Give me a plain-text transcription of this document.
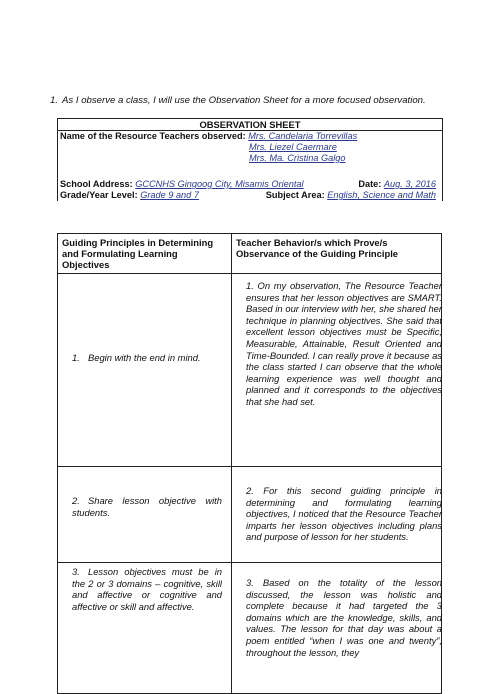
1. As I observe a class, I will use the Observation Sheet for a more focused observation.
OBSERVATION SHEET
Name of the Resource Teachers observed: Mrs. Candelaria Torrevillas
Mrs. Liezel Caermare
Mrs. Ma. Cristina Galgo
School Address: GCCNHS Gingoog City, Misamis Oriental	Date: Aug. 3, 2016
Grade/Year Level: Grade 9 and 7	Subject Area: English, Science and Math
Guiding Principles in Determining and Formulating Learning Objectives	Teacher Behavior/s which Prove/s Observance of the Guiding Principle

1. Begin with the end in mind.	1. On my observation, The Resource Teacher ensures that her lesson objectives are SMART. Based in our interview with her, she shared her technique in planning objectives. She said that excellent lesson objectives must be Specific, Measurable, Attainable, Result Oriented and Time-Bounded. I can really prove it because as the class started I can observe that the whole learning experience was well thought and planned and it corresponds to the objectives that she had set.

2. Share lesson objective with students.	2. For this second guiding principle in determining and formulating learning objectives, I noticed that the Resource Teacher imparts her lesson objectives including plans and purpose of lesson for her students.

3. Lesson objectives must be in the 2 or 3 domains – cognitive, skill and affective or cognitive and affective or skill and affective.	3. Based on the totality of the lesson discussed, the lesson was holistic and complete because it had targeted the 3 domains which are the knowledge, skills, and values. The lesson for that day was about a poem entitled “when I was one and twenty”, throughout the lesson, they
